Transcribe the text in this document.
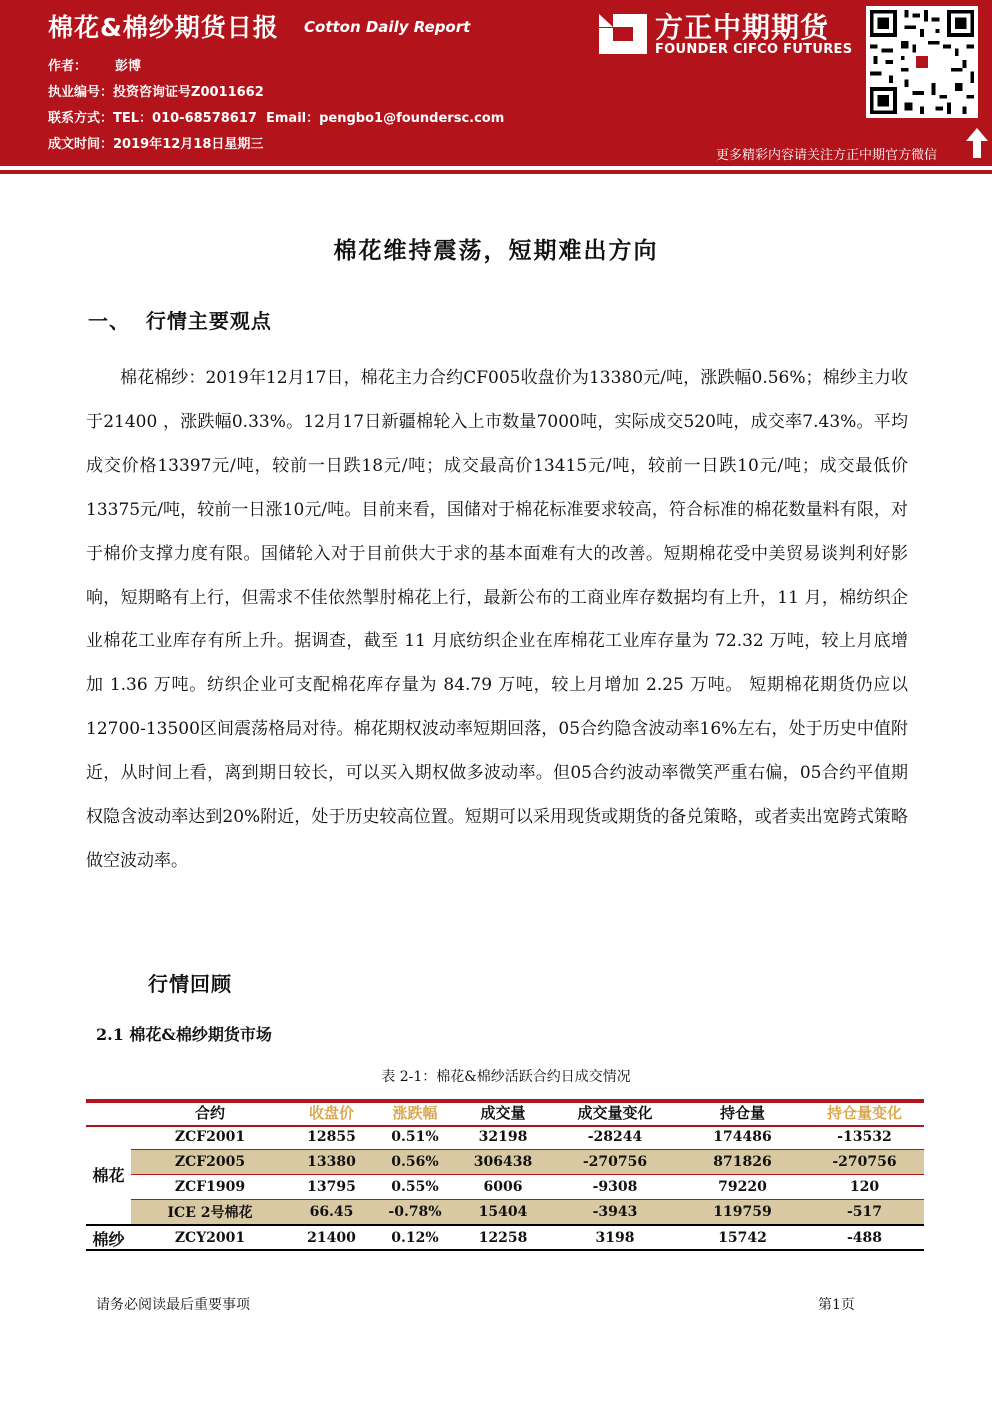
棉花&棉纱期货日报 Cotton Daily Report
作者： 彭博
执业编号：投资咨询证号Z0011662
联系方式：TEL：010-68578617  Email：pengbo1@foundersc.com
成文时间：2019年12月18日星期三
方正中期期货
FOUNDER CIFCO FUTURES
更多精彩内容请关注方正中期官方微信
棉花维持震荡，短期难出方向
一、  行情主要观点
棉花棉纱：2019年12月17日，棉花主力合约CF005收盘价为13380元/吨，涨跌幅0.56%；棉纱主力收于21400 ，涨跌幅0.33%。12月17日新疆棉轮入上市数量7000吨，实际成交520吨，成交率7.43%。平均成交价格13397元/吨，较前一日跌18元/吨；成交最高价13415元/吨，较前一日跌10元/吨；成交最低价13375元/吨，较前一日涨10元/吨。目前来看，国储对于棉花标准要求较高，符合标准的棉花数量料有限，对于棉价支撑力度有限。国储轮入对于目前供大于求的基本面难有大的改善。短期棉花受中美贸易谈判利好影响，短期略有上行，但需求不佳依然掣肘棉花上行，最新公布的工商业库存数据均有上升，11 月，棉纺织企业棉花工业库存有所上升。据调查，截至 11 月底纺织企业在库棉花工业库存量为 72.32 万吨，较上月底增加 1.36 万吨。纺织企业可支配棉花库存量为 84.79 万吨，较上月增加 2.25 万吨。 短期棉花期货仍应以12700-13500区间震荡格局对待。棉花期权波动率短期回落，05合约隐含波动率16%左右，处于历史中值附近，从时间上看，离到期日较长，可以买入期权做多波动率。但05合约波动率微笑严重右偏，05合约平值期权隐含波动率达到20%附近，处于历史较高位置。短期可以采用现货或期货的备兑策略，或者卖出宽跨式策略做空波动率。
行情回顾
2.1 棉花&棉纱期货市场
表 2-1：棉花&棉纱活跃合约日成交情况
	合约	收盘价	涨跌幅	成交量	成交量变化	持仓量	持仓量变化
棉花	ZCF2001	12855	0.51%	32198	-28244	174486	-13532
	ZCF2005	13380	0.56%	306438	-270756	871826	-270756
	ZCF1909	13795	0.55%	6006	-9308	79220	120
	ICE 2号棉花	66.45	-0.78%	15404	-3943	119759	-517
棉纱	ZCY2001	21400	0.12%	12258	3198	15742	-488
请务必阅读最后重要事项	第1页
